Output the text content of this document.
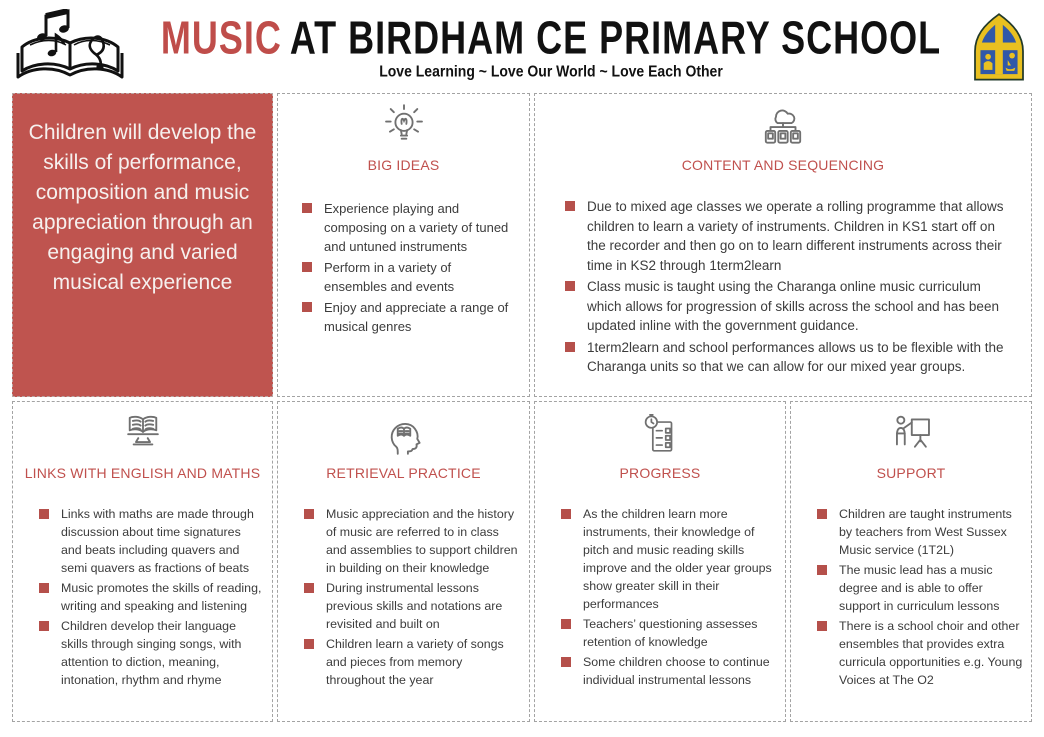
MUSIC AT BIRDHAM CE PRIMARY SCHOOL
Love Learning ~ Love Our World ~ Love Each Other
Children will develop the skills of performance, composition and music appreciation through an engaging and varied musical experience
BIG IDEAS
Experience playing and composing on a variety of tuned and untuned instruments
Perform in a variety of ensembles and events
Enjoy and appreciate a range of musical genres
CONTENT AND SEQUENCING
Due to mixed age classes we operate a rolling programme that allows children to learn a variety of instruments. Children in KS1 start off on the recorder and then go on to learn different instruments across their time in KS2 through 1term2learn
Class music is taught using the Charanga online music curriculum which allows for progression of skills across the school and has been updated inline with the government guidance.
1term2learn and school performances allows us to be flexible with the Charanga units so that we can allow for our mixed year groups.
LINKS WITH ENGLISH AND MATHS
Links with maths are made through discussion about time signatures and beats including quavers and semi quavers as fractions of beats
Music promotes the skills of reading, writing and speaking and listening
Children develop their language skills through singing songs, with attention to diction, meaning, intonation, rhythm and rhyme
RETRIEVAL PRACTICE
Music appreciation and the history of music are referred to in class and assemblies to support children in building on their knowledge
During instrumental lessons previous skills and notations are revisited and built on
Children learn a variety of songs and pieces from memory throughout the year
PROGRESS
As the children learn more instruments, their knowledge of pitch and music reading skills improve and the older year groups show greater skill in their performances
Teachers’ questioning assesses retention of knowledge
Some children choose to continue individual instrumental lessons
SUPPORT
Children are taught instruments by teachers from West Sussex Music service (1T2L)
The music lead has a music degree and is able to offer support in curriculum lessons
There is a school choir and other ensembles that provides extra curricula opportunities e.g. Young Voices at The O2
